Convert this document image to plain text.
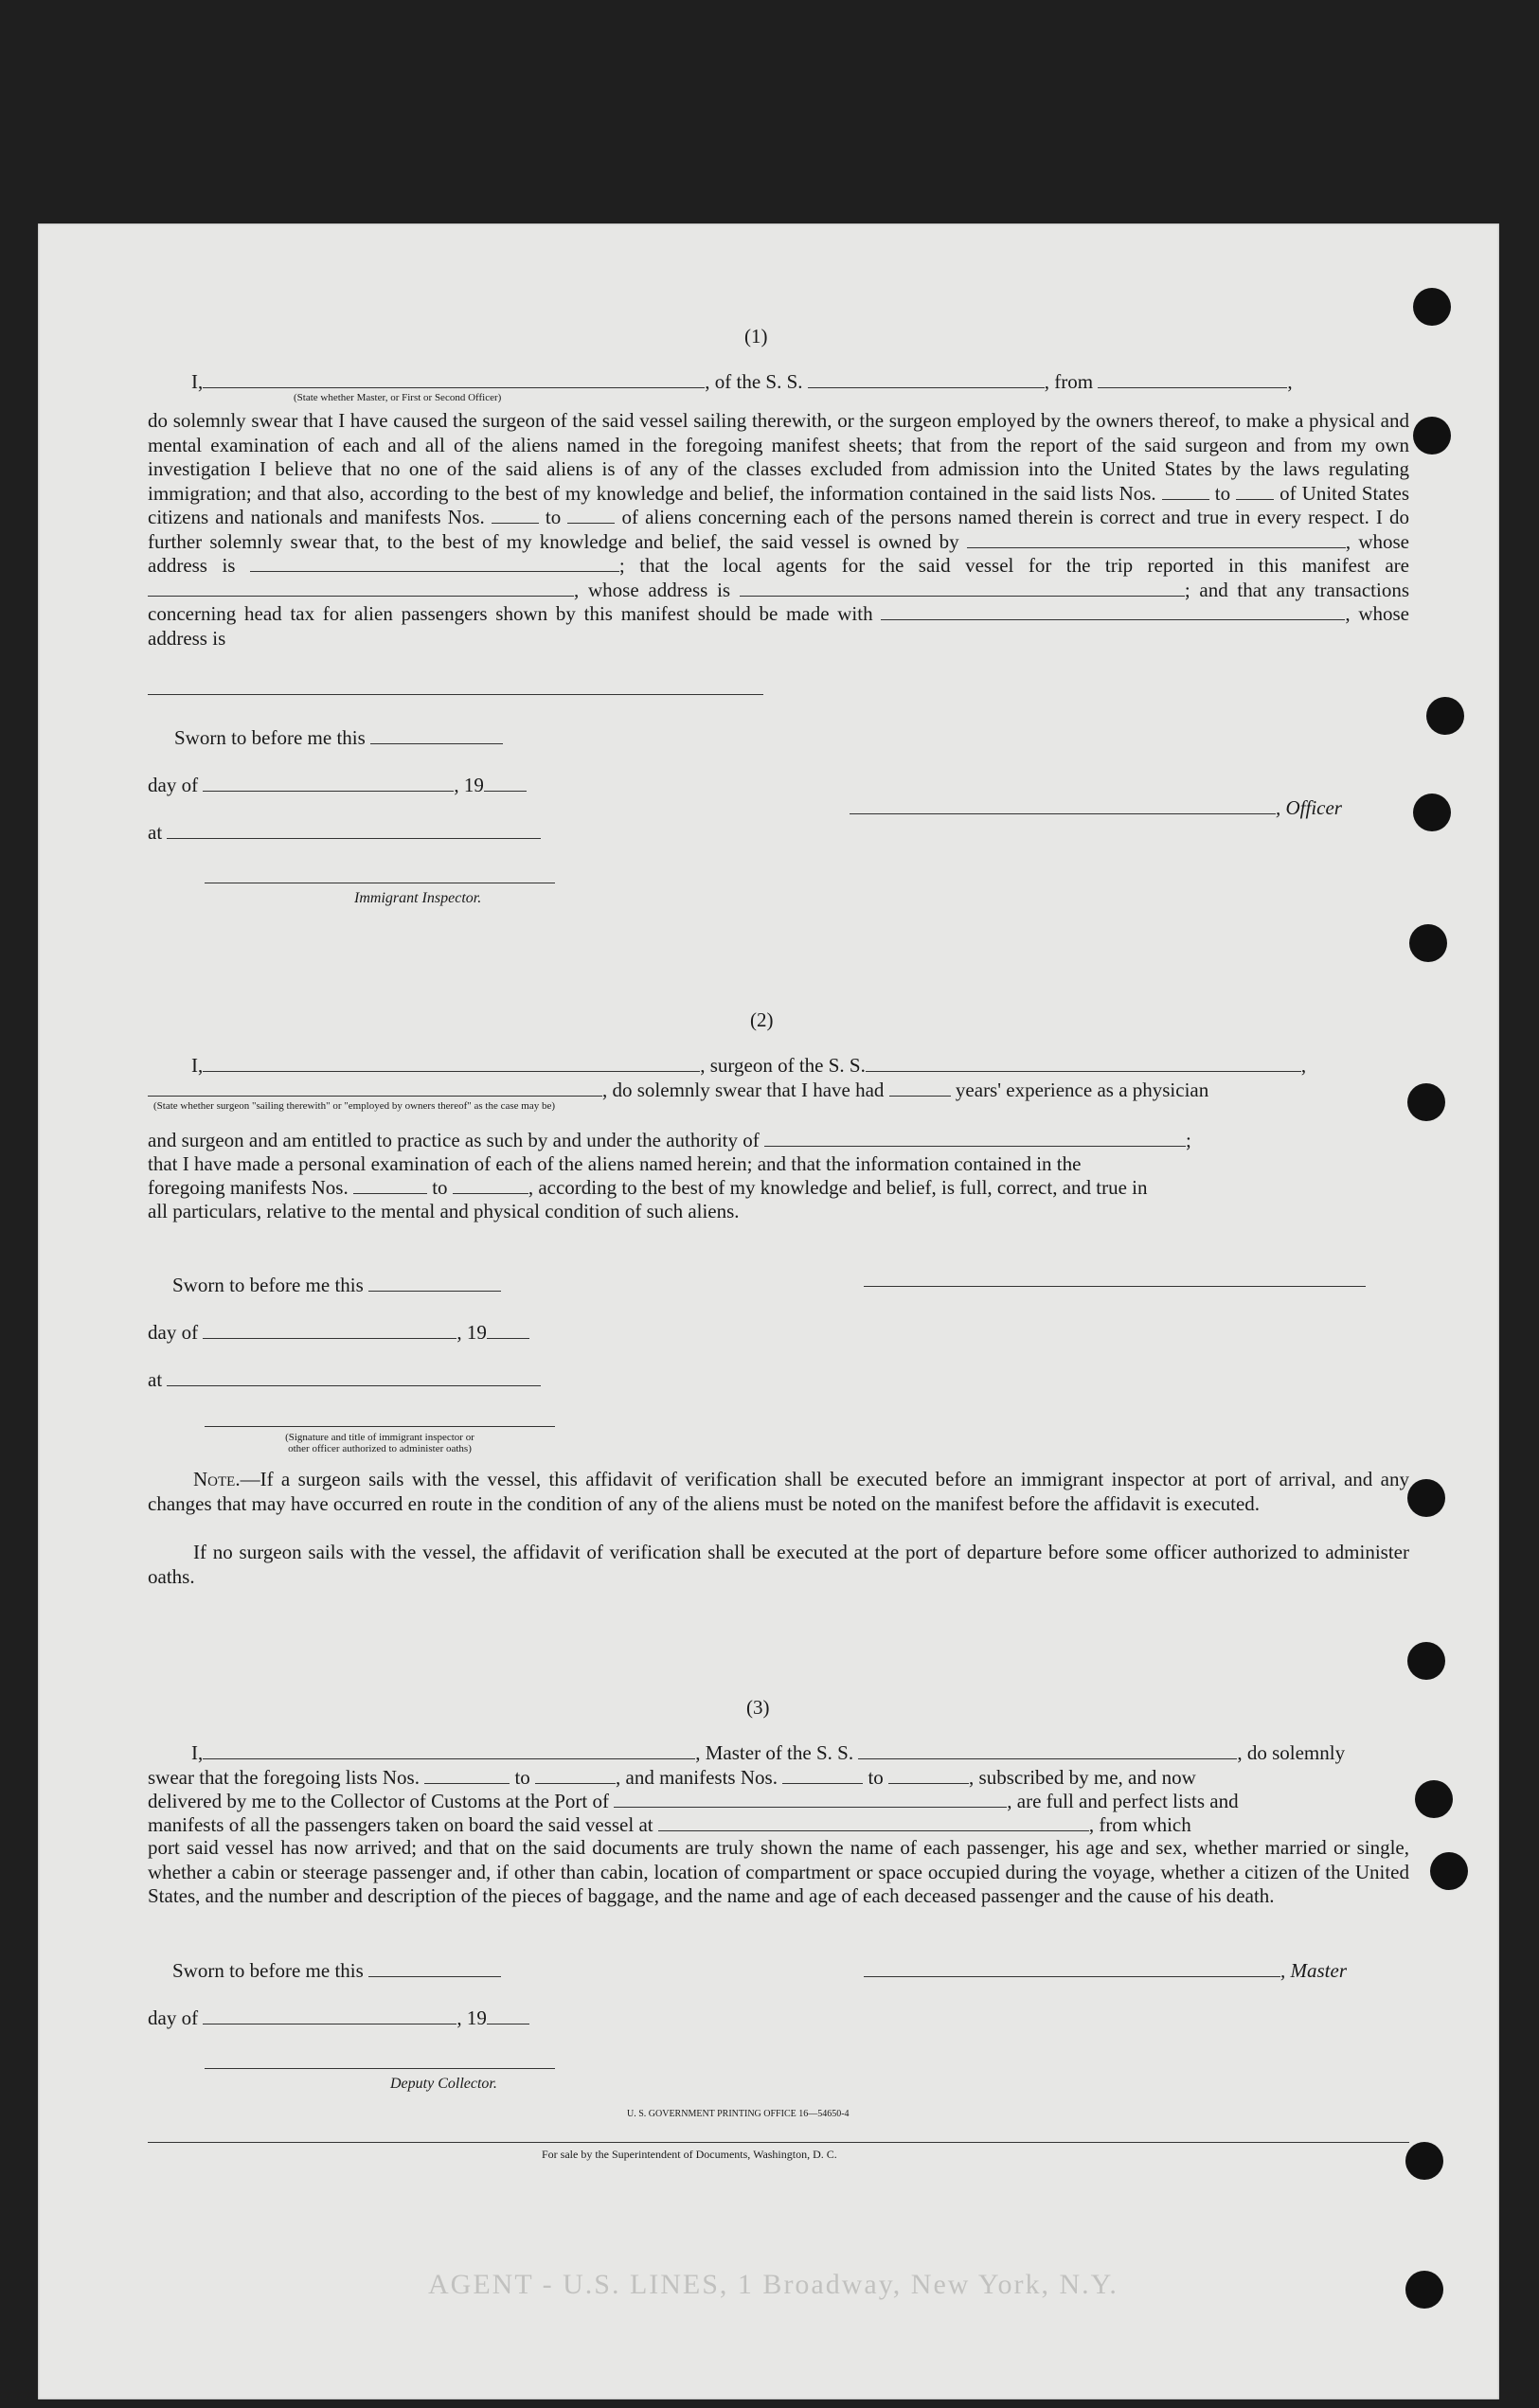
(1)
I,	, of the S. S.	, from	,
(State whether Master, or First or Second Officer)
do solemnly swear that I have caused the surgeon of the said vessel sailing therewith, or the surgeon employed by the owners thereof, to make a physical and mental examination of each and all of the aliens named in the foregoing manifest sheets; that from the report of the said surgeon and from my own investigation I believe that no one of the said aliens is of any of the classes excluded from admission into the United States by the laws regulating immigration; and that also, according to the best of my knowledge and belief, the information contained in the said lists Nos.	to of United States citizens and nationals and manifests Nos.	to	of aliens concerning each of the persons named therein is correct and true in every respect. I do further solemnly swear that, to the best of my knowledge and belief, the said vessel is owned by	, whose address is	; that the local agents for the said vessel for the trip reported in this manifest are , whose address is	; and that any transactions concerning head tax for alien passengers shown by this manifest should be made with	, whose address is
Sworn to before me this
day of	, 19
, Officer
at
Immigrant Inspector.
(2)
I,	, surgeon of the S. S.	,
, do solemnly swear that I have had	years' experience as a physician
(State whether surgeon "sailing therewith" or "employed by owners thereof" as the case may be)
and surgeon and am entitled to practice as such by and under the authority of	;
that I have made a personal examination of each of the aliens named herein; and that the information contained in the
foregoing manifests Nos.	to	, according to the best of my knowledge and belief, is full, correct, and true in
all particulars, relative to the mental and physical condition of such aliens.
Sworn to before me this
day of	, 19
at
(Signature and title of immigrant inspector or
other officer authorized to administer oaths)
Note.—If a surgeon sails with the vessel, this affidavit of verification shall be executed before an immigrant inspector at port of arrival, and any changes that may have occurred en route in the condition of any of the aliens must be noted on the manifest before the affidavit is executed.
If no surgeon sails with the vessel, the affidavit of verification shall be executed at the port of departure before some officer authorized to administer oaths.
(3)
I,	, Master of the S. S.	, do solemnly
swear that the foregoing lists Nos.	to	, and manifests Nos.	to	, subscribed by me, and now
delivered by me to the Collector of Customs at the Port of	, are full and perfect lists and
manifests of all the passengers taken on board the said vessel at	, from which
port said vessel has now arrived; and that on the said documents are truly shown the name of each passenger, his age and sex, whether married or single, whether a cabin or steerage passenger and, if other than cabin, location of compartment or space occupied during the voyage, whether a citizen of the United States, and the number and description of the pieces of baggage, and the name and age of each deceased passenger and the cause of his death.
Sworn to before me this	, Master
day of	, 19
Deputy Collector.
U. S. GOVERNMENT PRINTING OFFICE 16—54650-4
For sale by the Superintendent of Documents, Washington, D. C.
AGENT - U.S. LINES, 1 Broadway, New York, N.Y.
